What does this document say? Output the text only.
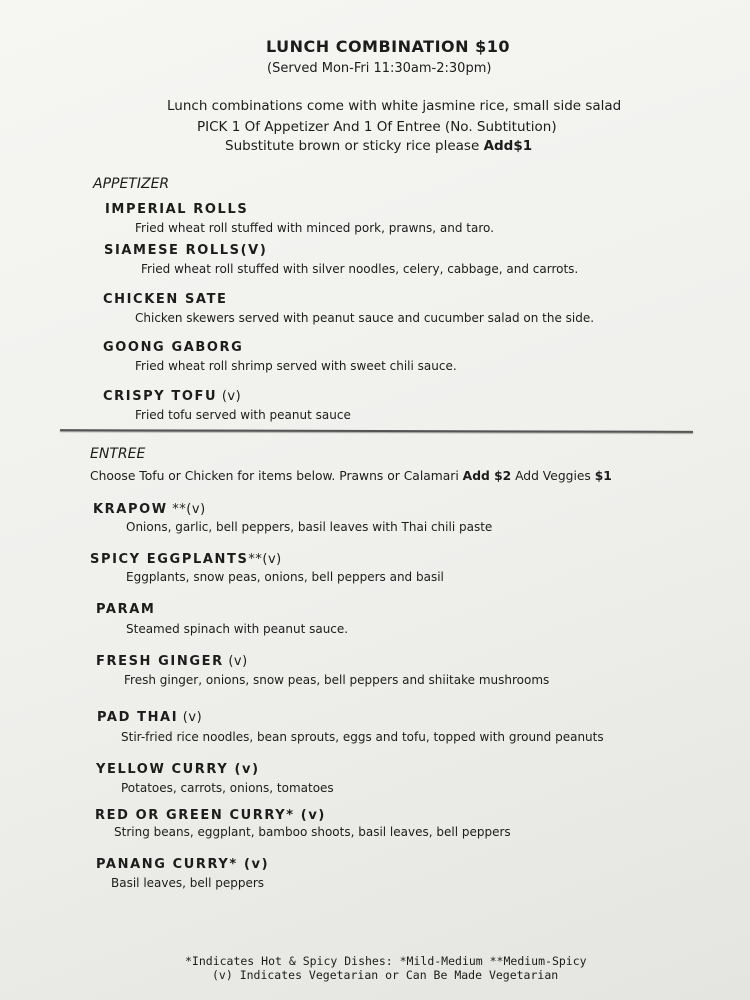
LUNCH COMBINATION $10
(Served Mon-Fri 11:30am-2:30pm)
Lunch combinations come with white jasmine rice, small side salad
PICK 1 Of Appetizer And 1 Of Entree (No. Subtitution)
Substitute brown or sticky rice please Add$1
APPETIZER
IMPERIAL ROLLS
Fried wheat roll stuffed with minced pork, prawns, and taro.
SIAMESE ROLLS(V)
Fried wheat roll stuffed with silver noodles, celery, cabbage, and carrots.
CHICKEN SATE
Chicken skewers served with peanut sauce and cucumber salad on the side.
GOONG GABORG
Fried wheat roll shrimp served with sweet chili sauce.
CRISPY TOFU (v)
Fried tofu served with peanut sauce
ENTREE
Choose Tofu or Chicken for items below. Prawns or Calamari Add $2 Add Veggies $1
KRAPOW **(v)
Onions, garlic, bell peppers, basil leaves with Thai chili paste
SPICY EGGPLANTS**(v)
Eggplants, snow peas, onions, bell peppers and basil
PARAM
Steamed spinach with peanut sauce.
FRESH GINGER (v)
Fresh ginger, onions, snow peas, bell peppers and shiitake mushrooms
PAD THAI (v)
Stir-fried rice noodles, bean sprouts, eggs and tofu, topped with ground peanuts
YELLOW CURRY (v)
Potatoes, carrots, onions, tomatoes
RED OR GREEN CURRY* (v)
String beans, eggplant, bamboo shoots, basil leaves, bell peppers
PANANG CURRY* (v)
Basil leaves, bell peppers
*Indicates Hot & Spicy Dishes: *Mild-Medium **Medium-Spicy
(v) Indicates Vegetarian or Can Be Made Vegetarian
